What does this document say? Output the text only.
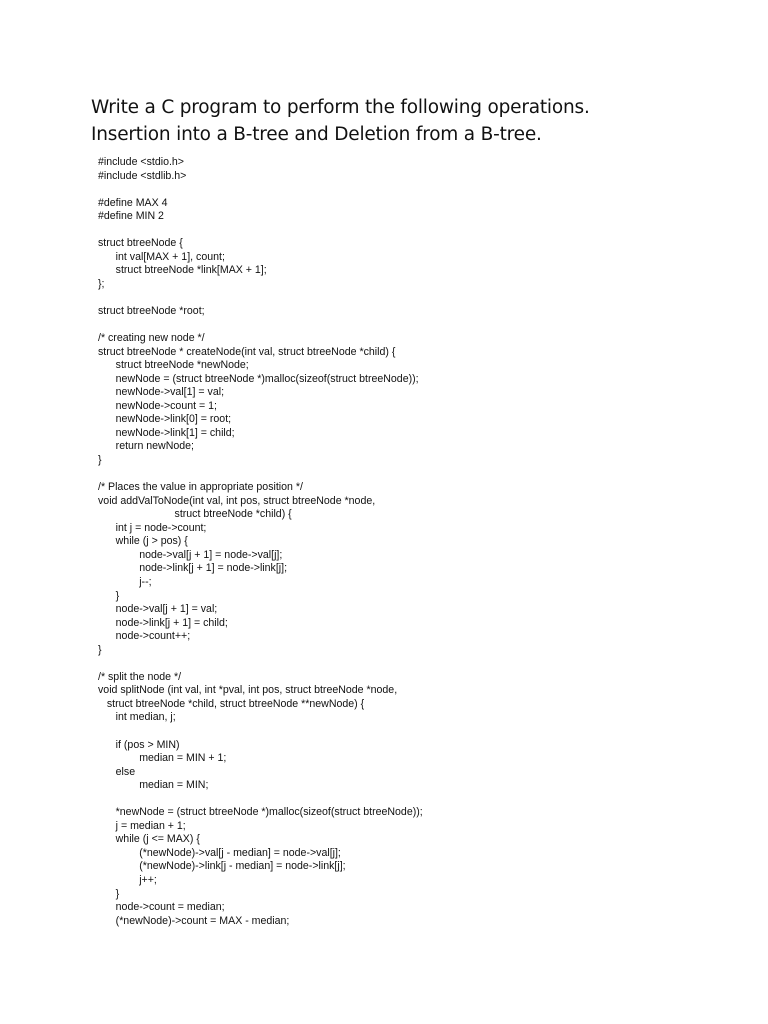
Write a C program to perform the following operations.
Insertion into a B-tree and Deletion from a B-tree.
#include <stdio.h>
#include <stdlib.h>
#define MAX 4
#define MIN 2
struct btreeNode {
int val[MAX + 1], count;
struct btreeNode *link[MAX + 1];
};
struct btreeNode *root;
/* creating new node */
struct btreeNode * createNode(int val, struct btreeNode *child) {
struct btreeNode *newNode;
newNode = (struct btreeNode *)malloc(sizeof(struct btreeNode));
newNode->val[1] = val;
newNode->count = 1;
newNode->link[0] = root;
newNode->link[1] = child;
return newNode;
}
/* Places the value in appropriate position */
void addValToNode(int val, int pos, struct btreeNode *node,
struct btreeNode *child) {
int j = node->count;
while (j > pos) {
node->val[j + 1] = node->val[j];
node->link[j + 1] = node->link[j];
j--;
}
node->val[j + 1] = val;
node->link[j + 1] = child;
node->count++;
}
/* split the node */
void splitNode (int val, int *pval, int pos, struct btreeNode *node,
struct btreeNode *child, struct btreeNode **newNode) {
int median, j;
if (pos > MIN)
median = MIN + 1;
else
median = MIN;
*newNode = (struct btreeNode *)malloc(sizeof(struct btreeNode));
j = median + 1;
while (j <= MAX) {
(*newNode)->val[j - median] = node->val[j];
(*newNode)->link[j - median] = node->link[j];
j++;
}
node->count = median;
(*newNode)->count = MAX - median;
